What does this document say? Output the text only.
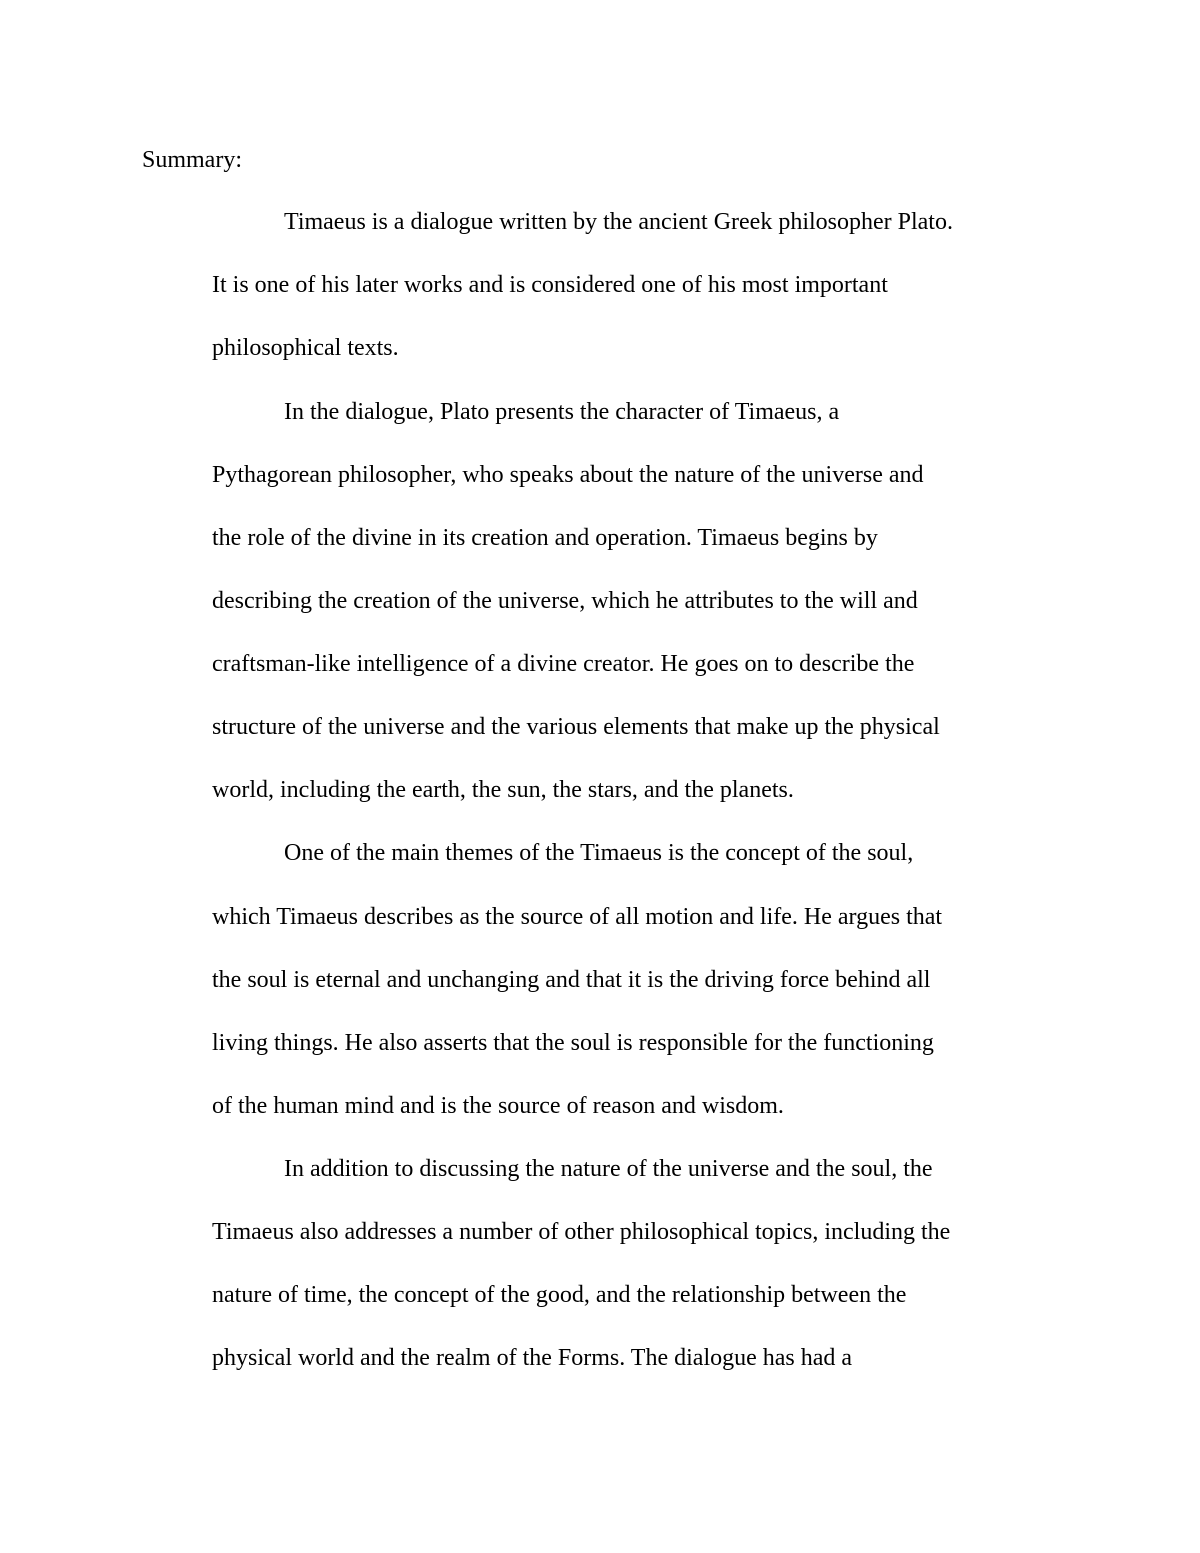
Summary:

Timaeus is a dialogue written by the ancient Greek philosopher Plato.

It is one of his later works and is considered one of his most important

philosophical texts.

In the dialogue, Plato presents the character of Timaeus, a

Pythagorean philosopher, who speaks about the nature of the universe and

the role of the divine in its creation and operation. Timaeus begins by

describing the creation of the universe, which he attributes to the will and

craftsman-like intelligence of a divine creator. He goes on to describe the

structure of the universe and the various elements that make up the physical

world, including the earth, the sun, the stars, and the planets.

One of the main themes of the Timaeus is the concept of the soul,

which Timaeus describes as the source of all motion and life. He argues that

the soul is eternal and unchanging and that it is the driving force behind all

living things. He also asserts that the soul is responsible for the functioning

of the human mind and is the source of reason and wisdom.

In addition to discussing the nature of the universe and the soul, the

Timaeus also addresses a number of other philosophical topics, including the

nature of time, the concept of the good, and the relationship between the

physical world and the realm of the Forms. The dialogue has had a
